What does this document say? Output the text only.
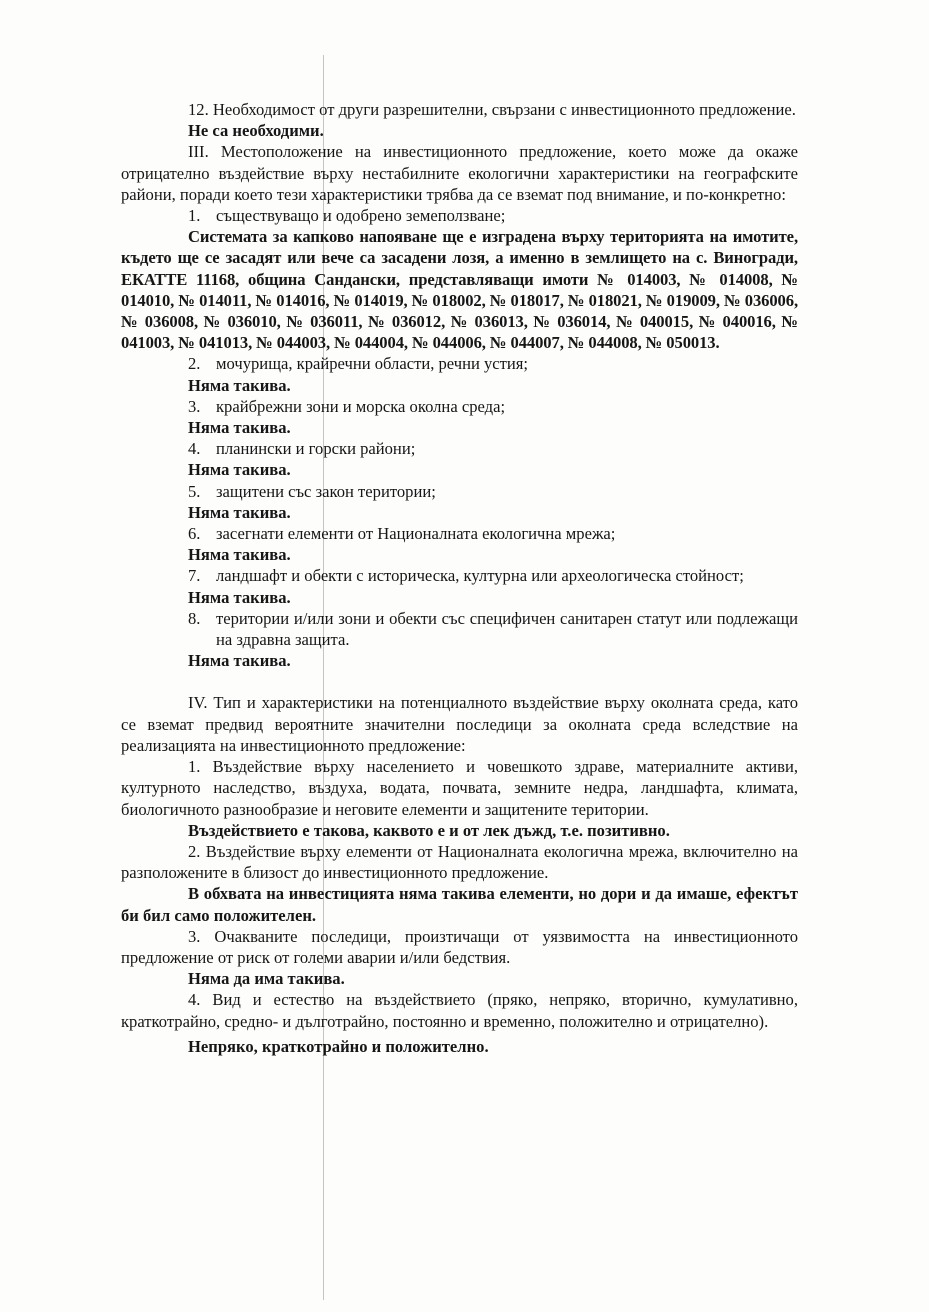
12. Необходимост от други разрешителни, свързани с инвестиционното предложение.

Не са необходими.

III. Местоположение на инвестиционното предложение, което може да окаже отрицателно въздействие върху нестабилните екологични характеристики на географските райони, поради което тези характеристики трябва да се вземат под внимание, и по-конкретно:

1. съществуващо и одобрено земеползване;

Системата за капково напояване ще е изградена върху територията на имотите, където ще се засадят или вече са засадени лозя, а именно в землището на с. Виногради, ЕКАТТЕ 11168, община Сандански, представляващи имоти № 014003, № 014008, № 014010, № 014011, № 014016, № 014019, № 018002, № 018017, № 018021, № 019009, № 036006, № 036008, № 036010, № 036011, № 036012, № 036013, № 036014, № 040015, № 040016, № 041003, № 041013, № 044003, № 044004, № 044006, № 044007, № 044008, № 050013.

2. мочурища, крайречни области, речни устия;

Няма такива.

3. крайбрежни зони и морска околна среда;

Няма такива.

4. планински и горски райони;

Няма такива.

5. защитени със закон територии;

Няма такива.

6. засегнати елементи от Националната екологична мрежа;

Няма такива.

7. ландшафт и обекти с историческа, културна или археологическа стойност;

Няма такива.

8. територии и/или зони и обекти със специфичен санитарен статут или подлежащи на здравна защита.

Няма такива.

IV. Тип и характеристики на потенциалното въздействие върху околната среда, като се вземат предвид вероятните значителни последици за околната среда вследствие на реализацията на инвестиционното предложение:

1. Въздействие върху населението и човешкото здраве, материалните активи, културното наследство, въздуха, водата, почвата, земните недра, ландшафта, климата, биологичното разнообразие и неговите елементи и защитените територии.

Въздействието е такова, каквото е и от лек дъжд, т.е. позитивно.

2. Въздействие върху елементи от Националната екологична мрежа, включително на разположените в близост до инвестиционното предложение.

В обхвата на инвестицията няма такива елементи, но дори и да имаше, ефектът би бил само положителен.

3. Очакваните последици, произтичащи от уязвимостта на инвестиционното предложение от риск от големи аварии и/или бедствия.

Няма да има такива.

4. Вид и естество на въздействието (пряко, непряко, вторично, кумулативно, краткотрайно, средно- и дълготрайно, постоянно и временно, положително и отрицателно).

Непряко, краткотрайно и положително.
